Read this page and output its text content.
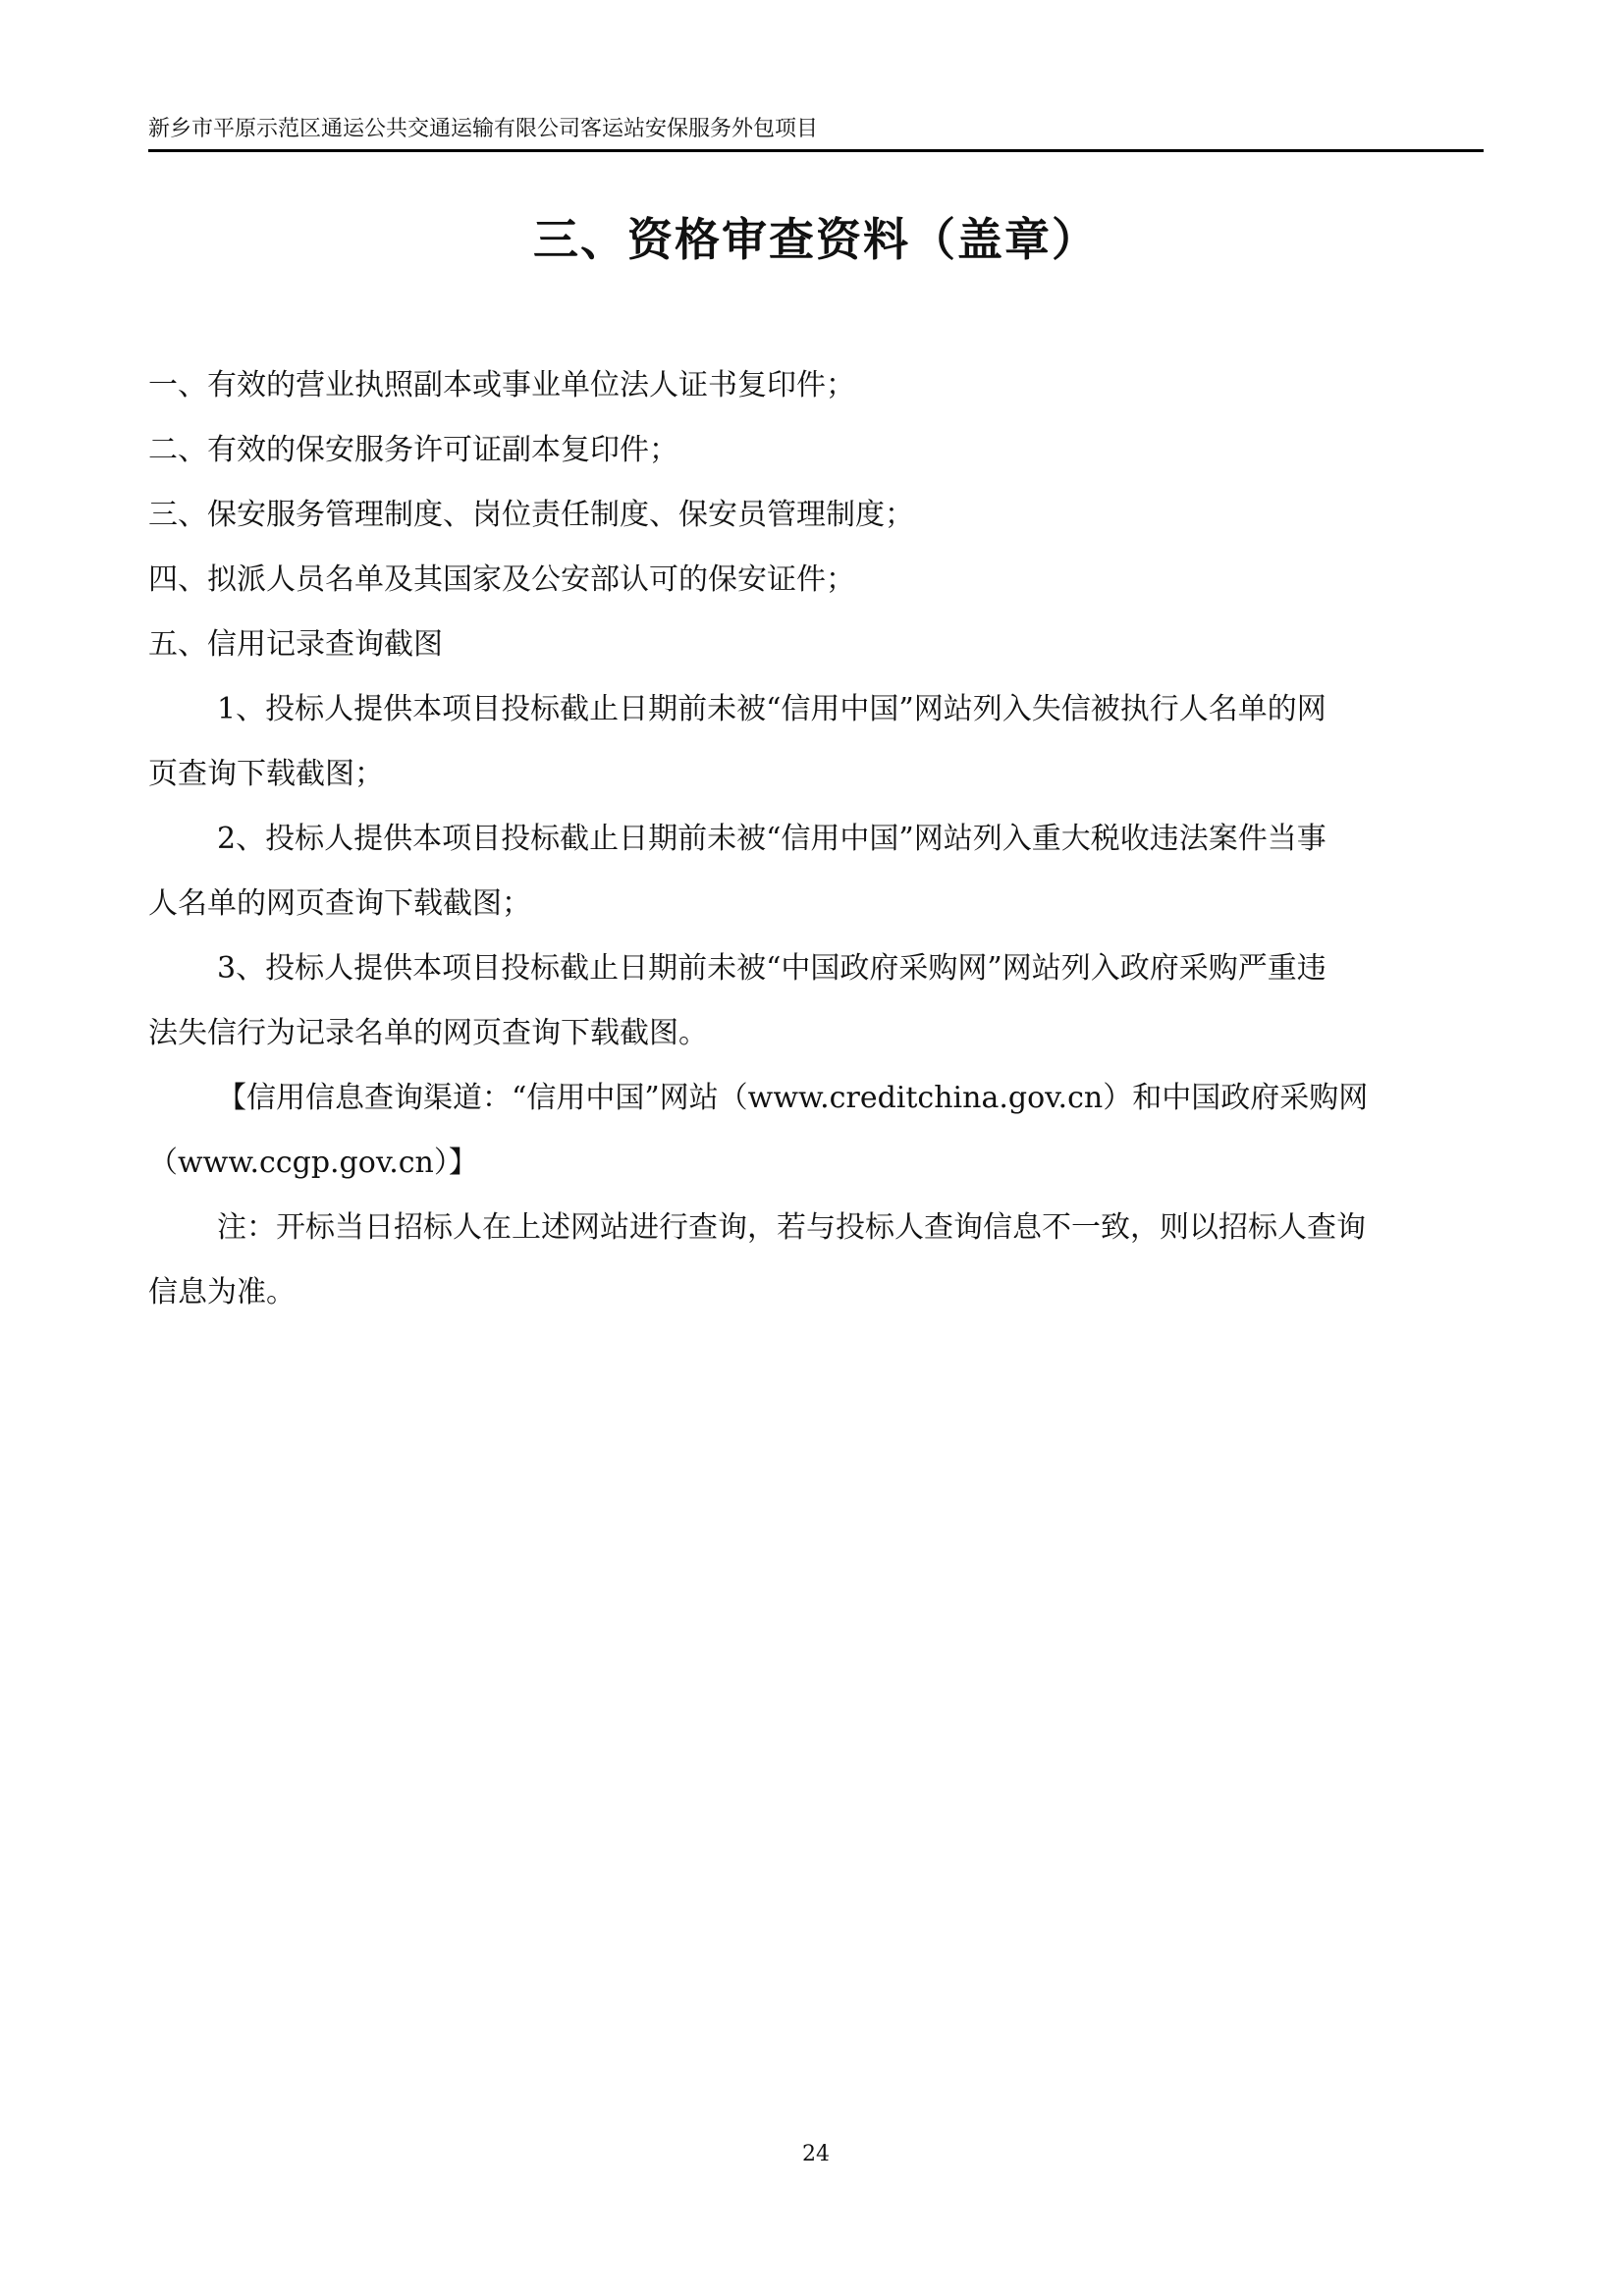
新乡市平原示范区通运公共交通运输有限公司客运站安保服务外包项目
三、资格审查资料（盖章）
一、有效的营业执照副本或事业单位法人证书复印件；
二、有效的保安服务许可证副本复印件；
三、保安服务管理制度、岗位责任制度、保安员管理制度；
四、拟派人员名单及其国家及公安部认可的保安证件；
五、信用记录查询截图
1、投标人提供本项目投标截止日期前未被“信用中国”网站列入失信被执行人名单的网
页查询下载截图；
2、投标人提供本项目投标截止日期前未被“信用中国”网站列入重大税收违法案件当事
人名单的网页查询下载截图；
3、投标人提供本项目投标截止日期前未被“中国政府采购网”网站列入政府采购严重违
法失信行为记录名单的网页查询下载截图。
【信用信息查询渠道：“信用中国”网站（www.creditchina.gov.cn）和中国政府采购网
（www.ccgp.gov.cn）】
注：开标当日招标人在上述网站进行查询，若与投标人查询信息不一致，则以招标人查询
信息为准。
24
